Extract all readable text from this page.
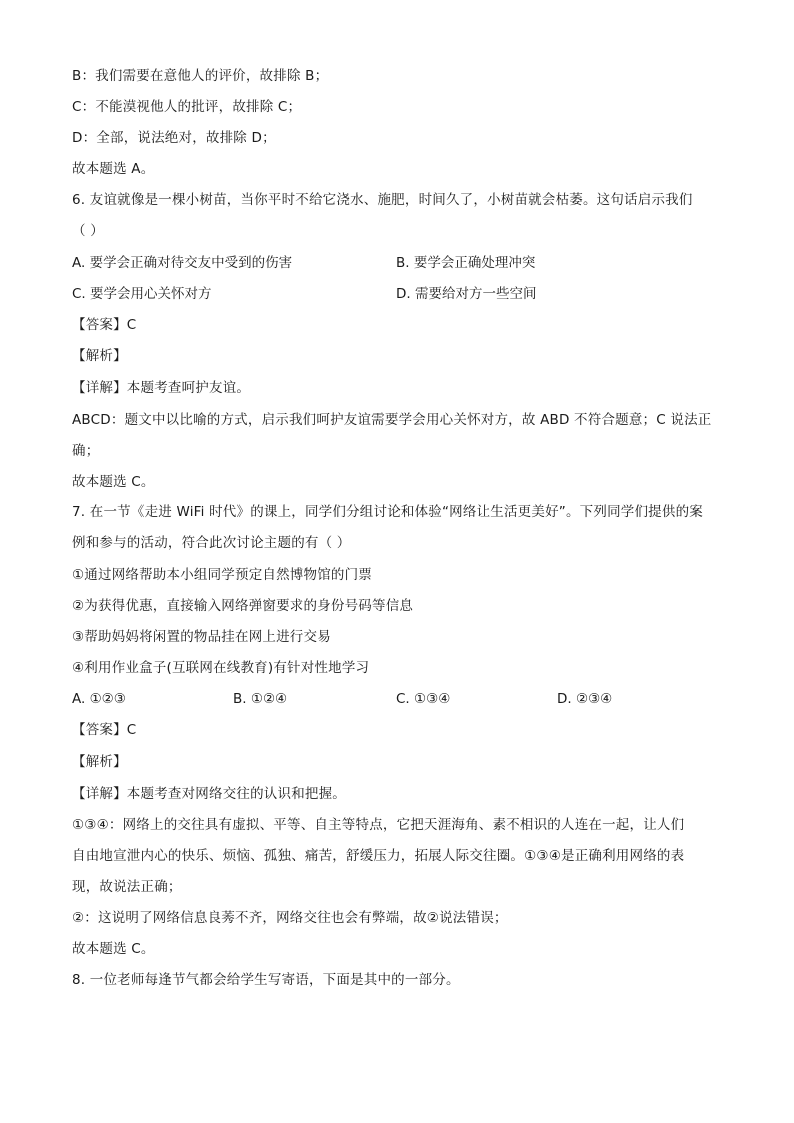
B：我们需要在意他人的评价，故排除 B；
C：不能漠视他人的批评，故排除 C；
D：全部，说法绝对，故排除 D；
故本题选 A。
6. 友谊就像是一棵小树苗，当你平时不给它浇水、施肥，时间久了，小树苗就会枯萎。这句话启示我们
（ ）
A. 要学会正确对待交友中受到的伤害	B. 要学会正确处理冲突
C. 要学会用心关怀对方	D. 需要给对方一些空间
【答案】C
【解析】
【详解】本题考查呵护友谊。
ABCD：题文中以比喻的方式，启示我们呵护友谊需要学会用心关怀对方，故 ABD 不符合题意；C 说法正
确；
故本题选 C。
7. 在一节《走进 WiFi 时代》的课上，同学们分组讨论和体验“网络让生活更美好”。下列同学们提供的案
例和参与的活动，符合此次讨论主题的有（ ）
①通过网络帮助本小组同学预定自然博物馆的门票
②为获得优惠，直接输入网络弹窗要求的身份号码等信息
③帮助妈妈将闲置的物品挂在网上进行交易
④利用作业盒子(互联网在线教育)有针对性地学习
A. ①②③	B. ①②④	C. ①③④	D. ②③④
【答案】C
【解析】
【详解】本题考查对网络交往的认识和把握。
①③④：网络上的交往具有虚拟、平等、自主等特点，它把天涯海角、素不相识的人连在一起，让人们
自由地宣泄内心的快乐、烦恼、孤独、痛苦，舒缓压力，拓展人际交往圈。①③④是正确利用网络的表
现，故说法正确；
②：这说明了网络信息良莠不齐，网络交往也会有弊端，故②说法错误；
故本题选 C。
8. 一位老师每逢节气都会给学生写寄语，下面是其中的一部分。
